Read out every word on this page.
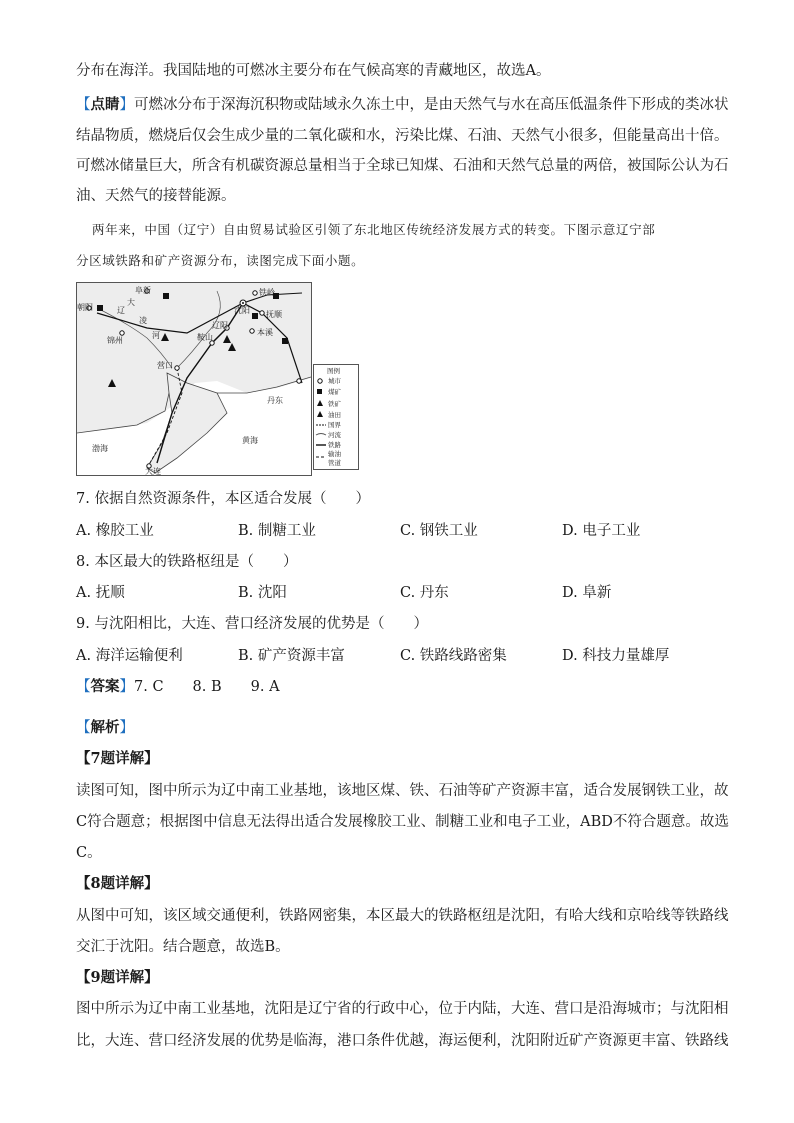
分布在海洋。我国陆地的可燃冰主要分布在气候高寒的青藏地区，故选A。
【点睛】可燃冰分布于深海沉积物或陆域永久冻土中，是由天然气与水在高压低温条件下形成的类冰状
结晶物质，燃烧后仅会生成少量的二氧化碳和水，污染比煤、石油、天然气小很多，但能量高出十倍。
可燃冰储量巨大，所含有机碳资源总量相当于全球已知煤、石油和天然气总量的两倍，被国际公认为石
油、天然气的接替能源。
两年来，中国（辽宁）自由贸易试验区引领了东北地区传统经济发展方式的转变。下图示意辽宁部
分区域铁路和矿产资源分布，读图完成下面小题。
阜新	铁岭
朝阳	沈阳 抚顺
鞍山
锦州
辽阳
本溪
营口
丹东
大连
辽
大
凌
河
渤海
黄海
图例
城市
煤矿
铁矿
油田
国界
河流
铁路
输油
管道
7. 依据自然资源条件，本区适合发展（　　）
A. 橡胶工业	B. 制糖工业	C. 钢铁工业	D. 电子工业
8. 本区最大的铁路枢纽是（　　）
A. 抚顺	B. 沈阳	C. 丹东	D. 阜新
9. 与沈阳相比，大连、营口经济发展的优势是（　　）
A. 海洋运输便利	B. 矿产资源丰富	C. 铁路线路密集	D. 科技力量雄厚
【答案】7. C　　8. B　　9. A
【解析】
【7题详解】
读图可知，图中所示为辽中南工业基地，该地区煤、铁、石油等矿产资源丰富，适合发展钢铁工业，故
C符合题意；根据图中信息无法得出适合发展橡胶工业、制糖工业和电子工业，ABD不符合题意。故选
C。
【8题详解】
从图中可知，该区域交通便利，铁路网密集，本区最大的铁路枢纽是沈阳，有哈大线和京哈线等铁路线
交汇于沈阳。结合题意，故选B。
【9题详解】
图中所示为辽中南工业基地，沈阳是辽宁省的行政中心，位于内陆，大连、营口是沿海城市；与沈阳相
比，大连、营口经济发展的优势是临海，港口条件优越，海运便利，沈阳附近矿产资源更丰富、铁路线
